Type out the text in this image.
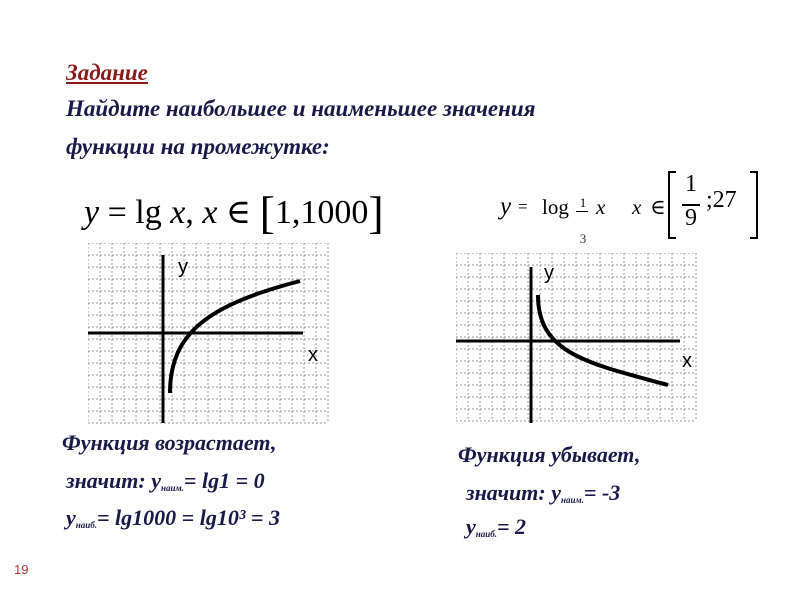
Задание
Найдите наибольшее и наименьшее значения
функции на промежутке:
y = lg x, x ∈ [1,1000]	y = log 1
3
x x ∈
1
9
;27
y
x
y
x
Функция возрастает,
значит: $y_{наим.}= \lg 1 = 0$
$y_{наиб.}= \lg 1000 = \lg 10^3 = 3$
Функция убывает,
значит: $y_{наим.}= -3$
$y_{наиб.}= 2$
19
